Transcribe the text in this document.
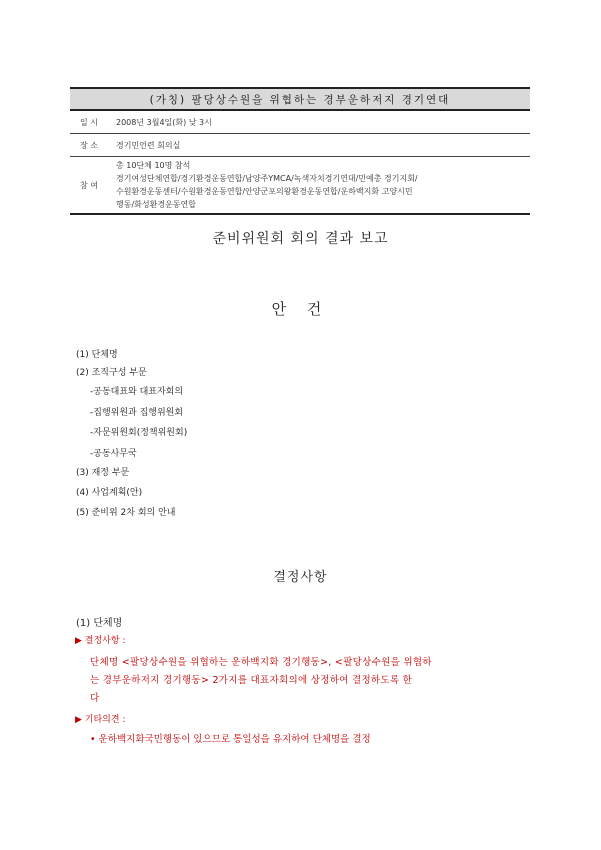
(가칭) 팔당상수원을 위협하는 경부운하저지 경기연대	
일 시	2008년 3월4일(화) 낮 3시
장 소	경기민언련 회의실
참 여	총 10단체 10명 참석
경기여성단체연합/경기환경운동연합/남양주YMCA/녹색자치경기연대/민예총 경기지회/
수원환경운동센터/수원환경운동연합/안양군포의왕환경운동연합/운하백지화 고양시민
행동/화성환경운동연합
준비위원회 회의 결과 보고
안 건
(1) 단체명
(2) 조직구성 부문
-공동대표와 대표자회의
-집행위원과 집행위원회
-자문위원회(정책위원회)
-공동사무국
(3) 재정 부문
(4) 사업계획(안)
(5) 준비위 2차 회의 안내
결정사항
(1) 단체명
▶ 결정사항 :
단체명 <팔당상수원을 위협하는 운하백지화 경기행동>, <팔당상수원을 위협하
는 경부운하저지 경기행동> 2가지를 대표자회의에 상정하여 결정하도록 한
다
▶ 기타의견 :
• 운하백지화국민행동이 있으므로 통일성을 유지하여 단체명을 결정
